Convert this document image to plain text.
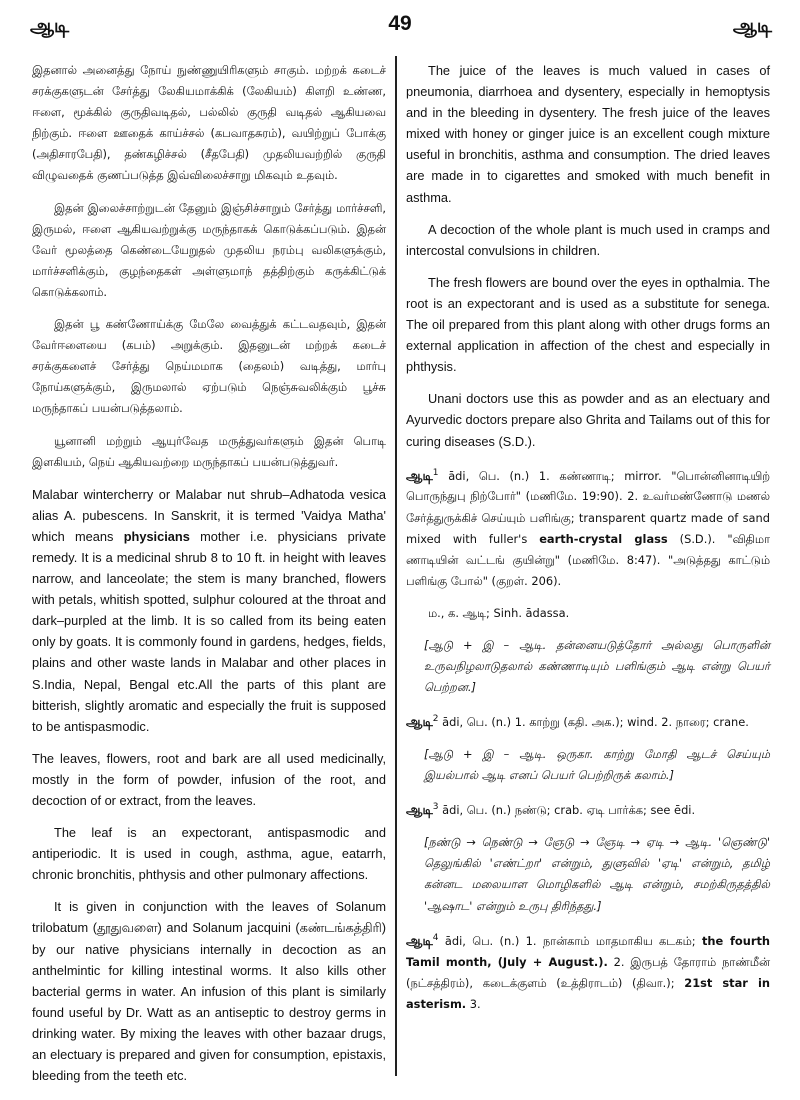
ஆடி	49	ஆடி

இதனால் அனைத்து நோய் நுண்ணுயிரிகளும் சாகும். மற்றக் கடைச் சரக்குகளுடன் சேர்த்து லேகியமாக்கிக் (லேகியம்) கிளறி உண்ண, ஈளை, மூக்கில் குருதிவடிதல், பல்லில் குருதி வடிதல் ஆகியவை நிற்கும். ஈளை ஊதைக் காய்ச்சல் (கபவாதசுரம்), வயிற்றுப் போக்கு (அதிசாரபேதி), தண்கழிச்சல் (சீதபேதி) முதலியவற்றில் குருதி விழுவதைக் குணப்படுத்த இவ்விலைச்சாறு மிகவும் உதவும்.

இதன் இலைச்சாற்றுடன் தேனும் இஞ்சிச்சாறும் சேர்த்து மார்ச்சளி, இருமல், ஈளை ஆகியவற்றுக்கு மருந்தாகக் கொடுக்கப்படும். இதன் வேர் மூலத்தை கெண்டையேறுதல் முதலிய நரம்பு வலிகளுக்கும், மார்ச்சளிக்கும், குழந்தைகள் அள்ளுமாந் தத்திற்கும் கருக்கிட்டுக் கொடுக்கலாம்.

இதன் பூ கண்ணோய்க்கு மேலே வைத்துக் கட்டவதவும், இதன் வேர்ஈளையை (கபம்) அறுக்கும். இதனுடன் மற்றக் கடைச் சரக்குகளைச் சேர்த்து நெய்மமாக (தைலம்) வடித்து, மார்பு நோய்களுக்கும், இருமலால் ஏற்படும் நெஞ்சுவலிக்கும் பூச்சு மருந்தாகப் பயன்படுத்தலாம்.

யூனானி மற்றும் ஆயுர்வேத மருத்துவர்களும் இதன் பொடி இளகியம், நெய் ஆகியவற்றை மருந்தாகப் பயன்படுத்துவர்.

Malabar wintercherry or Malabar nut shrub–Adhatoda vesica alias A. pubescens. In Sanskrit, it is termed 'Vaidya Matha' which means physicians mother i.e. physicians private remedy. It is a medicinal shrub 8 to 10 ft. in height with leaves narrow, and lanceolate; the stem is many branched, flowers with petals, whitish spotted, sulphur coloured at the throat and dark–purpled at the limb. It is so called from its being eaten only by goats. It is commonly found in gardens, hedges, fields, plains and other waste lands in Malabar and other places in S.India, Nepal, Bengal etc.All the parts of this plant are bitterish, slightly aromatic and especially the fruit is supposed to be antispasmodic.

The leaves, flowers, root and bark are all used medicinally, mostly in the form of powder, infusion of the root, and decoction of or extract, from the leaves.

The leaf is an expectorant, antispasmodic and antiperiodic. It is used in cough, asthma, ague, eatarrh, chronic bronchitis, phthysis and other pulmonary affections.

It is given in conjunction with the leaves of Solanum trilobatum (தூதுவளை) and Solanum jacquini (கண்டங்கத்திரி) by our native physicians internally in decoction as an anthelmintic for killing intestinal worms. It also kills other bacterial germs in water. An infusion of this plant is similarly found useful by Dr. Watt as an antiseptic to destroy germs in drinking water. By mixing the leaves with other bazaar drugs, an electuary is prepared and given for consumption, epistaxis, bleeding from the teeth etc.

The juice of the leaves is much valued in cases of pneumonia, diarrhoea and dysentery, especially in hemoptysis and in the bleeding in dysentery. The fresh juice of the leaves mixed with honey or ginger juice is an excellent cough mixture useful in bronchitis, asthma and consumption. The dried leaves are made in to cigarettes and smoked with much benefit in asthma.

A decoction of the whole plant is much used in cramps and intercostal convulsions in children.

The fresh flowers are bound over the eyes in opthalmia. The root is an expectorant and is used as a substitute for senega. The oil prepared from this plant along with other drugs forms an external application in affection of the chest and especially in phthysis.

Unani doctors use this as powder and as an electuary and Ayurvedic doctors prepare also Ghrita and Tailams out of this for curing diseases (S.D.).

ஆடி$^1$ ādi, பெ. (n.) 1. கண்ணாடி; mirror. "பொன்னினாடியிற் பொருந்துபு நிற்போர்" (மணிமே. 19:90). 2. உவர்மண்ணோடு மணல் சேர்த்துருக்கிச் செய்யும் பளிங்கு; transparent quartz made of sand mixed with fuller's earth-crystal glass (S.D.). "விதிமா ணாடியின் வட்டங் குயின்று" (மணிமே. 8:47). "அடுத்தது காட்டும் பளிங்கு போல்" (குறள். 206).

ம., க. ஆடி; Sinh. ādassa.

[ஆடு + இ – ஆடி. தன்னையடுத்தோர் அல்லது பொருளின் உருவநிழலாடுதலால் கண்ணாடியும் பளிங்கும் ஆடி என்று பெயர் பெற்றன.]

ஆடி$^2$ ādi, பெ. (n.) 1. காற்று (கதி. அக.); wind. 2. நாரை; crane.

[ஆடு + இ – ஆடி. ஒருகா. காற்று மோதி ஆடச் செய்யும் இயல்பால் ஆடி எனப் பெயர் பெற்றிருக் கலாம்.]

ஆடி$^3$ ādi, பெ. (n.) நண்டு; crab. ஏடி பார்க்க; see ēdi.

[நண்டு → நெண்டு → ஞேடு → ஞேடி → ஏடி → ஆடி. 'ஞெண்டு' தெலுங்கில் 'எண்ட்றா' என்றும், துளுவில் 'ஏடி' என்றும், தமிழ் கன்னட மலையாள மொழிகளில் ஆடி என்றும், சமற்கிருதத்தில் 'ஆஷாட' என்றும் உருபு திரிந்தது.]

ஆடி$^4$ ādi, பெ. (n.) 1. நான்காம் மாதமாகிய கடகம்; the fourth Tamil month, (July + August.). 2. இருபத் தோராம் நாண்மீன் (நட்சத்திரம்), கடைக்குளம் (உத்திராடம்) (திவா.); 21st star in asterism. 3.
